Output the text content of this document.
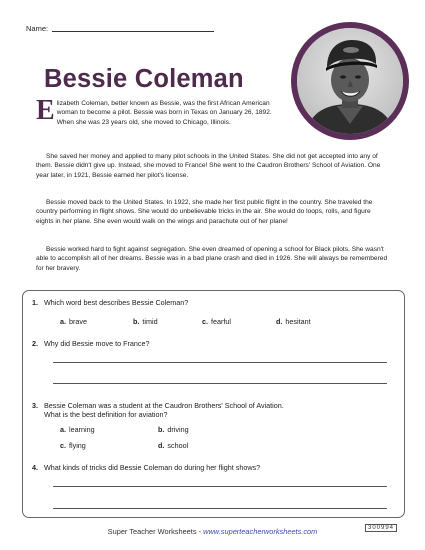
Name:
Bessie Coleman

Elizabeth Coleman, better known as Bessie, was the first African American woman to become a pilot. Bessie was born in Texas on January 26, 1892. When she was 23 years old, she moved to Chicago, Illinois.

She saved her money and applied to many pilot schools in the United States. She did not get accepted into any of them. Bessie didn't give up. Instead, she moved to France! She went to the Caudron Brothers' School of Aviation. One year later, in 1921, Bessie earned her pilot's license.

Bessie moved back to the United States. In 1922, she made her first public flight in the country. She traveled the country performing in flight shows. She would do unbelievable tricks in the air. She would do loops, rolls, and figure eights in her plane. She even would walk on the wings and parachute out of her plane!

Bessie worked hard to fight against segregation. She even dreamed of opening a school for Black pilots. She wasn't able to accomplish all of her dreams. Bessie was in a bad plane crash and died in 1926. She will always be remembered for her bravery.

1. Which word best describes Bessie Coleman?
a. brave	b. timid	c. fearful	d. hesitant
2. Why did Bessie move to France?
3. Bessie Coleman was a student at the Caudron Brothers' School of Aviation.
What is the best definition for aviation?
a. learning	b. driving
c. flying	d. school
4. What kinds of tricks did Bessie Coleman do during her flight shows?
Super Teacher Worksheets - www.superteacherworksheets.com	300994
